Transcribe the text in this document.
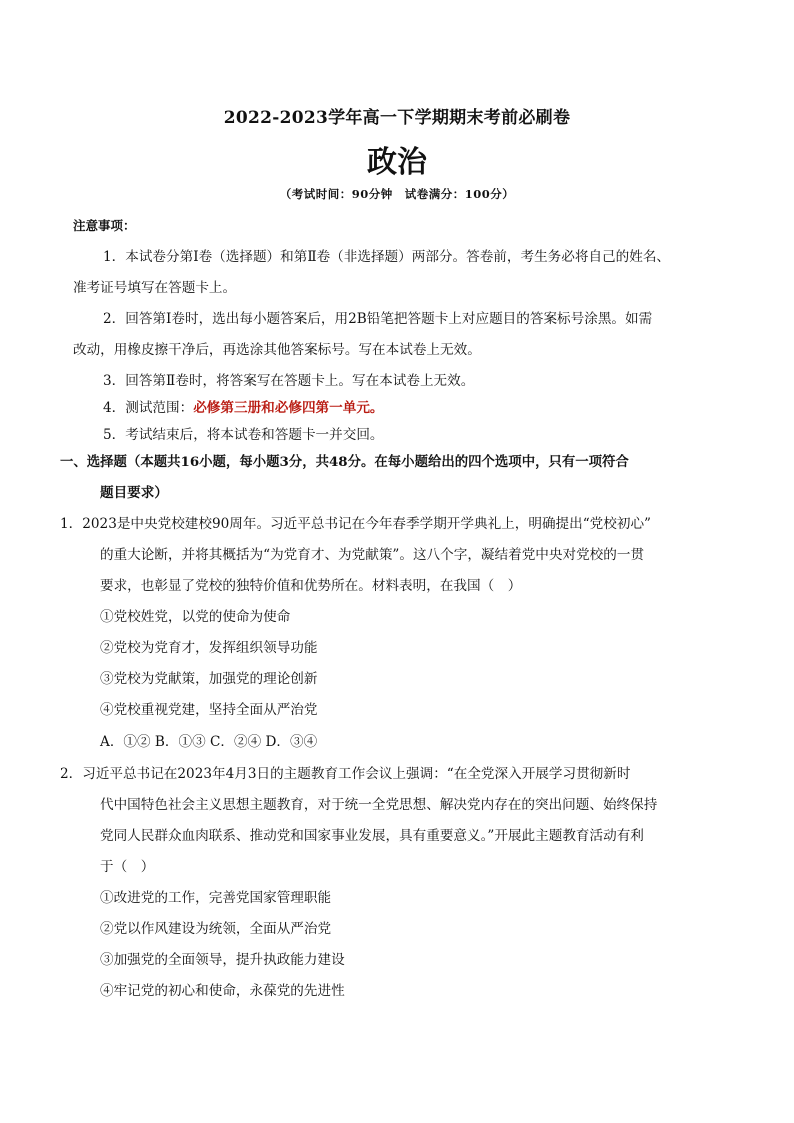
2022-2023学年高一下学期期末考前必刷卷
政治
（考试时间：90分钟　试卷满分：100分）
注意事项：
1．本试卷分第Ⅰ卷（选择题）和第Ⅱ卷（非选择题）两部分。答卷前，考生务必将自己的姓名、
准考证号填写在答题卡上。
2．回答第Ⅰ卷时，选出每小题答案后，用2B铅笔把答题卡上对应题目的答案标号涂黑。如需
改动，用橡皮擦干净后，再选涂其他答案标号。写在本试卷上无效。
3．回答第Ⅱ卷时，将答案写在答题卡上。写在本试卷上无效。
4．测试范围：必修第三册和必修四第一单元。
5．考试结束后，将本试卷和答题卡一并交回。
一、选择题（本题共16小题，每小题3分，共48分。在每小题给出的四个选项中，只有一项符合
题目要求）
1．2023是中央党校建校90周年。习近平总书记在今年春季学期开学典礼上，明确提出“党校初心”
的重大论断，并将其概括为“为党育才、为党献策”。这八个字，凝结着党中央对党校的一贯
要求，也彰显了党校的独特价值和优势所在。材料表明，在我国（　）
①党校姓党，以党的使命为使命
②党校为党育才，发挥组织领导功能
③党校为党献策，加强党的理论创新
④党校重视党建，坚持全面从严治党
A．①② B．①③ C．②④ D．③④
2．习近平总书记在2023年4月3日的主题教育工作会议上强调：“在全党深入开展学习贯彻新时
代中国特色社会主义思想主题教育，对于统一全党思想、解决党内存在的突出问题、始终保持
党同人民群众血肉联系、推动党和国家事业发展，具有重要意义。”开展此主题教育活动有利
于（　）
①改进党的工作，完善党国家管理职能
②党以作风建设为统领，全面从严治党
③加强党的全面领导，提升执政能力建设
④牢记党的初心和使命，永葆党的先进性
